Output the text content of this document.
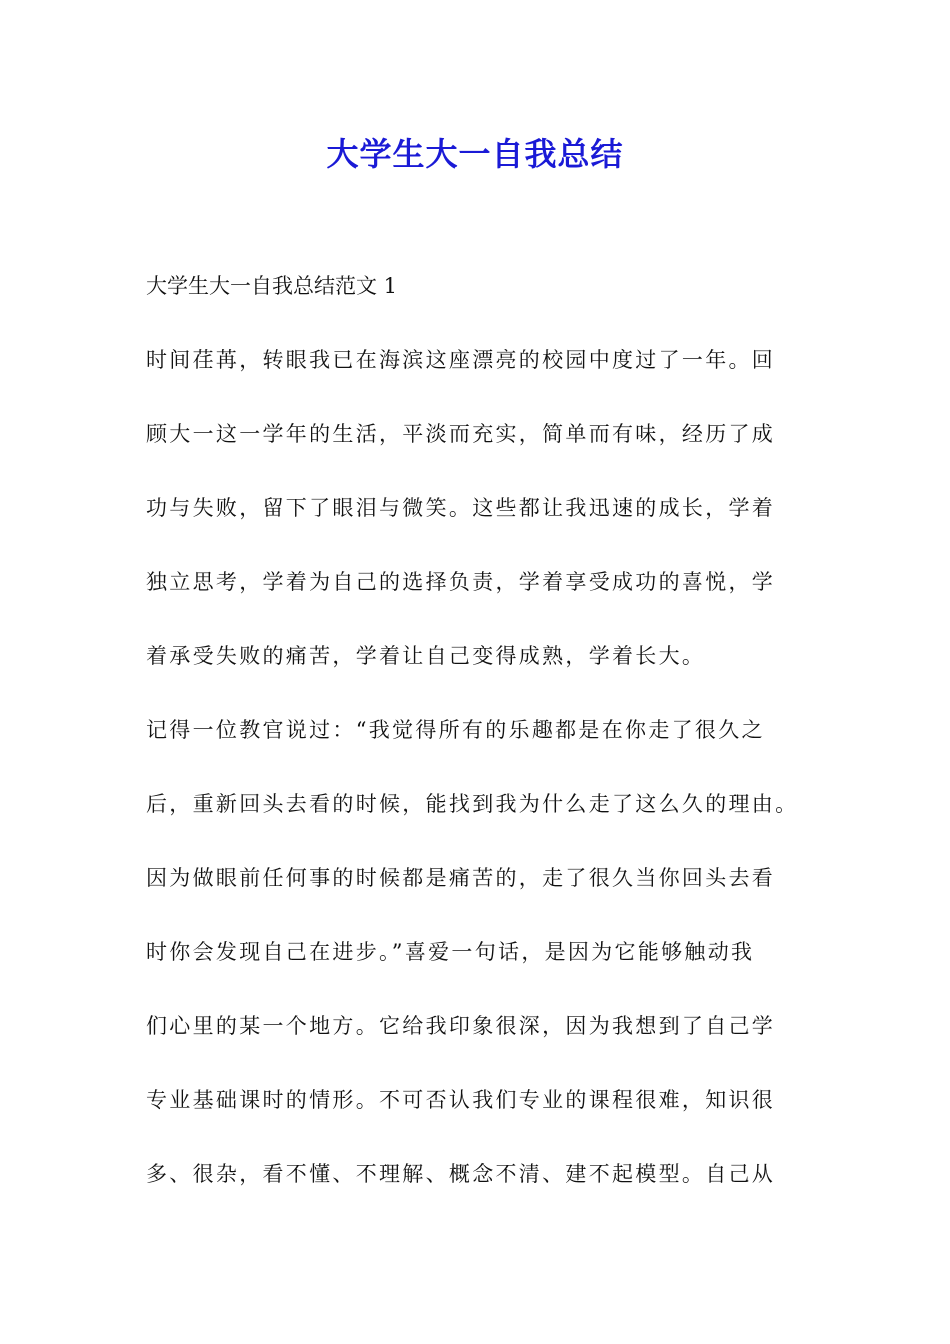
大学生大一自我总结
大学生大一自我总结范文 1
时间荏苒，转眼我已在海滨这座漂亮的校园中度过了一年。回
顾大一这一学年的生活，平淡而充实，简单而有味，经历了成
功与失败，留下了眼泪与微笑。这些都让我迅速的成长，学着
独立思考，学着为自己的选择负责，学着享受成功的喜悦，学
着承受失败的痛苦，学着让自己变得成熟，学着长大。
记得一位教官说过：“我觉得所有的乐趣都是在你走了很久之
后，重新回头去看的时候，能找到我为什么走了这么久的理由。
因为做眼前任何事的时候都是痛苦的，走了很久当你回头去看
时你会发现自己在进步。”喜爱一句话，是因为它能够触动我
们心里的某一个地方。它给我印象很深，因为我想到了自己学
专业基础课时的情形。不可否认我们专业的课程很难，知识很
多、很杂，看不懂、不理解、概念不清、建不起模型。自己从
